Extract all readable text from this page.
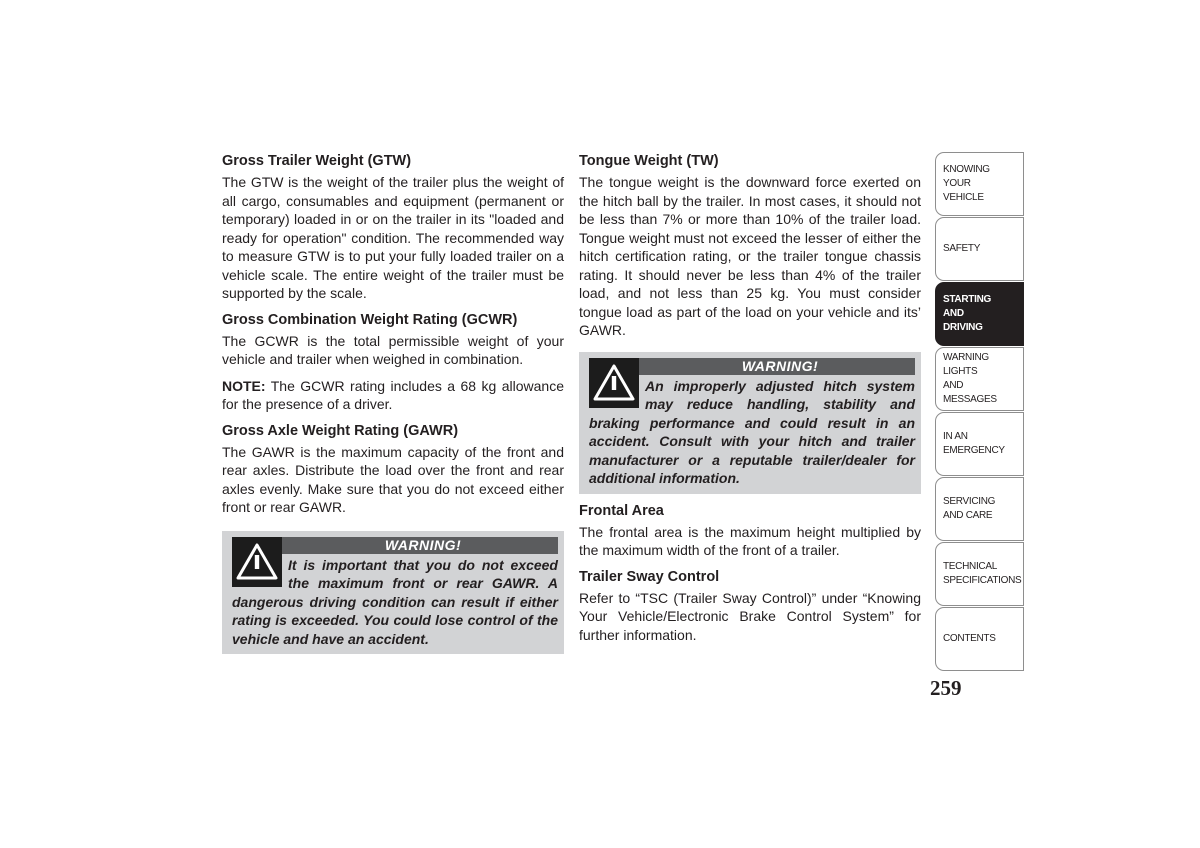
Gross Trailer Weight (GTW)

The GTW is the weight of the trailer plus the weight of all cargo, consumables and equipment (permanent or temporary) loaded in or on the trailer in its "loaded and ready for operation" condition. The recommended way to measure GTW is to put your fully loaded trailer on a vehicle scale. The entire weight of the trailer must be supported by the scale.

Gross Combination Weight Rating (GCWR)

The GCWR is the total permissible weight of your vehicle and trailer when weighed in combination.

NOTE: The GCWR rating includes a 68 kg allowance for the presence of a driver.

Gross Axle Weight Rating (GAWR)

The GAWR is the maximum capacity of the front and rear axles. Distribute the load over the front and rear axles evenly. Make sure that you do not exceed either front or rear GAWR.

WARNING!
It is important that you do not exceed the maximum front or rear GAWR. A dangerous driving condition can result if either rating is exceeded. You could lose control of the vehicle and have an accident.
Tongue Weight (TW)

The tongue weight is the downward force exerted on the hitch ball by the trailer. In most cases, it should not be less than 7% or more than 10% of the trailer load. Tongue weight must not exceed the lesser of either the hitch certification rating, or the trailer tongue chassis rating. It should never be less than 4% of the trailer load, and not less than 25 kg. You must consider tongue load as part of the load on your vehicle and its’ GAWR.

WARNING!
An improperly adjusted hitch system may reduce handling, stability and braking performance and could result in an accident. Consult with your hitch and trailer manufacturer or a reputable trailer/dealer for additional information.
Frontal Area

The frontal area is the maximum height multiplied by the maximum width of the front of a trailer.

Trailer Sway Control

Refer to “TSC (Trailer Sway Control)” under “Knowing Your Vehicle/Electronic Brake Control System” for further information.

KNOWING
YOUR
VEHICLE
SAFETY
STARTING
AND
DRIVING
WARNING
LIGHTS
AND
MESSAGES
IN AN
EMERGENCY
SERVICING
AND CARE
TECHNICAL
SPECIFICATIONS
CONTENTS
259
